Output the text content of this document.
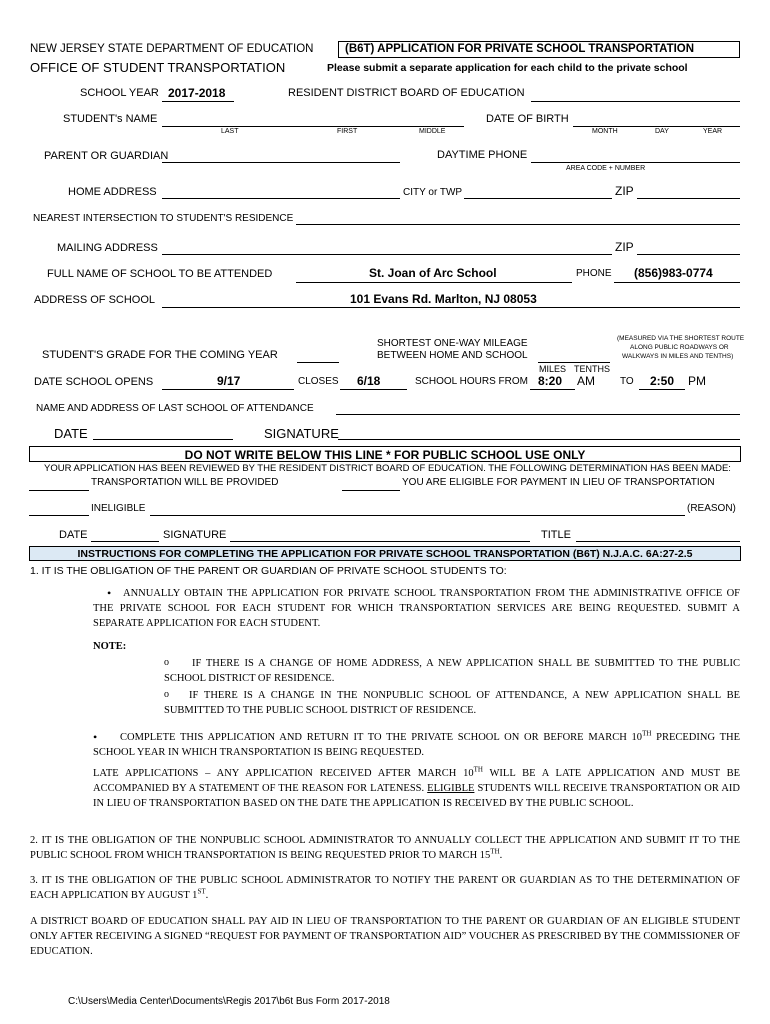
NEW JERSEY STATE DEPARTMENT OF EDUCATION
OFFICE OF STUDENT TRANSPORTATION
(B6T) APPLICATION FOR PRIVATE SCHOOL TRANSPORTATION
Please submit a separate application for each child to the private school
SCHOOL YEAR 2017-2018	RESIDENT DISTRICT BOARD OF EDUCATION
STUDENT's NAME
LAST	FIRST	MIDDLE
DATE OF BIRTH
MONTH	DAY	YEAR
PARENT OR GUARDIAN	DAYTIME PHONE
AREA CODE + NUMBER
HOME ADDRESS	CITY or TWP	ZIP
NEAREST INTERSECTION TO STUDENT'S RESIDENCE
MAILING ADDRESS	ZIP
FULL NAME OF SCHOOL TO BE ATTENDED	St. Joan of Arc School	PHONE (856)983-0774
ADDRESS OF SCHOOL	101 Evans Rd. Marlton, NJ 08053
SHORTEST ONE-WAY MILEAGE
BETWEEN HOME AND SCHOOL
(MEASURED VIA THE SHORTEST ROUTE
ALONG PUBLIC ROADWAYS OR
WALKWAYS IN MILES AND TENTHS)
MILES TENTHS
STUDENT'S GRADE FOR THE COMING YEAR
DATE SCHOOL OPENS	9/17	CLOSES 6/18	SCHOOL HOURS FROM 8:20 AM	TO 2:50 PM
NAME AND ADDRESS OF LAST SCHOOL OF ATTENDANCE
DATE	SIGNATURE
DO NOT WRITE BELOW THIS LINE * FOR PUBLIC SCHOOL USE ONLY
YOUR APPLICATION HAS BEEN REVIEWED BY THE RESIDENT DISTRICT BOARD OF EDUCATION. THE FOLLOWING DETERMINATION HAS BEEN MADE:
TRANSPORTATION WILL BE PROVIDED	YOU ARE ELIGIBLE FOR PAYMENT IN LIEU OF TRANSPORTATION
INELIGIBLE	(REASON)
DATE	SIGNATURE	TITLE
INSTRUCTIONS FOR COMPLETING THE APPLICATION FOR PRIVATE SCHOOL TRANSPORTATION (B6T) N.J.A.C. 6A:27-2.5
1. IT IS THE OBLIGATION OF THE PARENT OR GUARDIAN OF PRIVATE SCHOOL STUDENTS TO:
•	ANNUALLY OBTAIN THE APPLICATION FOR PRIVATE SCHOOL TRANSPORTATION FROM THE ADMINISTRATIVE OFFICE OF THE PRIVATE SCHOOL FOR EACH STUDENT FOR WHICH TRANSPORTATION SERVICES ARE BEING REQUESTED. SUBMIT A SEPARATE APPLICATION FOR EACH STUDENT.
NOTE:
o	IF THERE IS A CHANGE OF HOME ADDRESS, A NEW APPLICATION SHALL BE SUBMITTED TO THE PUBLIC SCHOOL DISTRICT OF RESIDENCE.
o	IF THERE IS A CHANGE IN THE NONPUBLIC SCHOOL OF ATTENDANCE, A NEW APPLICATION SHALL BE SUBMITTED TO THE PUBLIC SCHOOL DISTRICT OF RESIDENCE.
•	COMPLETE THIS APPLICATION AND RETURN IT TO THE PRIVATE SCHOOL ON OR BEFORE MARCH 10TH PRECEDING THE SCHOOL YEAR IN WHICH TRANSPORTATION IS BEING REQUESTED.
LATE APPLICATIONS – ANY APPLICATION RECEIVED AFTER MARCH 10TH WILL BE A LATE APPLICATION AND MUST BE ACCOMPANIED BY A STATEMENT OF THE REASON FOR LATENESS. ELIGIBLE STUDENTS WILL RECEIVE TRANSPORTATION OR AID IN LIEU OF TRANSPORTATION BASED ON THE DATE THE APPLICATION IS RECEIVED BY THE PUBLIC SCHOOL.
2. IT IS THE OBLIGATION OF THE NONPUBLIC SCHOOL ADMINISTRATOR TO ANNUALLY COLLECT THE APPLICATION AND SUBMIT IT TO THE PUBLIC SCHOOL FROM WHICH TRANSPORTATION IS BEING REQUESTED PRIOR TO MARCH 15TH.
3. IT IS THE OBLIGATION OF THE PUBLIC SCHOOL ADMINISTRATOR TO NOTIFY THE PARENT OR GUARDIAN AS TO THE DETERMINATION OF EACH APPLICATION BY AUGUST 1ST.
A DISTRICT BOARD OF EDUCATION SHALL PAY AID IN LIEU OF TRANSPORTATION TO THE PARENT OR GUARDIAN OF AN ELIGIBLE STUDENT ONLY AFTER RECEIVING A SIGNED “REQUEST FOR PAYMENT OF TRANSPORTATION AID” VOUCHER AS PRESCRIBED BY THE COMMISSIONER OF EDUCATION.
C:\Users\Media Center\Documents\Regis 2017\b6t Bus Form 2017-2018
